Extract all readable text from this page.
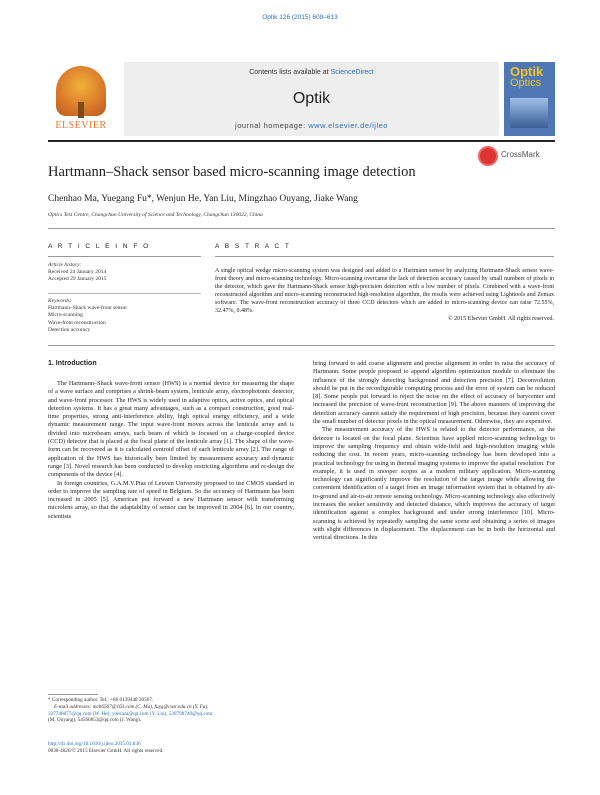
Optik 126 (2015) 609–613
ELSEVIER
Contents lists available at ScienceDirect
Optik
journal homepage: www.elsevier.de/ijleo
Optik
Optics
Hartmann–Shack sensor based micro-scanning image detection
CrossMark
Chenhao Ma, Yuegang Fu*, Wenjun He, Yan Liu, Mingzhao Ouyang, Jiake Wang
Optics Test Centre, Changchun University of Science and Technology, Changchun 130022, China
A R T I C L E I N F O
Article history:
Received 24 January 2014
Accepted 29 January 2015
Keywords:
Hartmann–Shack wave-front sensor
Micro-scanning
Wave-front reconstruction
Detection accuracy
A B S T R A C T
A single optical wedge micro-scanning system was designed and added to a Hartmann sensor by analyzing Hartmann-Shack sensor wave-front theory and micro-scanning technology. Micro-scanning overcame the lack of detection accuracy caused by small numbers of pixels in the detector, which gave the Hartmann-Shack sensor high-precision detection with a low number of pixels. Combined with a wave-front reconstructed algorithm and micro-scanning reconstructed high-resolution algorithm, the results were achieved using Lighttools and Zemax software. The wave-front reconstruction accuracy of three CCD detectors which are added to micro-scanning device can raise 72.55%, 32.47%, 0.48%.
© 2015 Elsevier GmbH. All rights reserved.
1. Introduction

The Hartmann–Shack wave-front sensor (HWS) is a normal device for measuring the shape of a wave surface and comprises a shrink-beam system, lenticule array, electrophotonic detector, and wave-front processor. The HWS is widely used in adaptive optics, active optics, and optical detection systems. It has a great many advantages, such as a compact construction, good real-time properties, strong anti-interference ability, high optical energy efficiency, and a wide dynamic measurement range. The input wave-front moves across the lenticule array and is divided into microbeam arrays, each beam of which is focused on a charge-coupled device (CCD) detector that is placed at the focal plane of the lenticule array [1]. The shape of the wave-form can be recovered as it is calculated centroid offset of each lenticule array [2]. The range of application of the HWS has historically been limited by measurement accuracy and dynamic range [3]. Novel research has been conducted to develop restricting algorithms and re-design the components of the device [4].

In foreign countries, G.A.M.V.Ptas of Leuven University proposed to use CMOS standard in order to improve the sampling rate of speed in Belgium. So the accuracy of Hartmann has been increased in 2005 [5]. American put forward a new Hartmann sensor with transforming microlens array, so that the adaptability of sensor can be improved in 2004 [6]. In our country, scientists

bring forward to add coarse alignment and precise alignment in order to raise the accuracy of Hartmann. Some people proposed to append algorithm optimization module to eliminate the influence of the strongly detecting background and detection precision [7]. Deconvolution should be put in the reconfigurable computing process and the error of system can be reduced [8]. Some people put forward to reject the noise on the effect of accuracy of barycenter and increased the precision of wave-front reconstruction [9]. The above manners of improving the detection accuracy cannot satisfy the requirement of high precision, because they cannot cover the small number of detector pixels in the optical measurement. Otherwise, they are expensive.

The measurement accuracy of the HWS is related to the detector performance, as the detector is located on the focal plane. Scientists have applied micro-scanning technology to improve the sampling frequency and obtain wide-field and high-resolution imaging while reducing the cost. In recent years, micro-scanning technology has been developed into a practical technology for using in thermal imaging systems to improve the spatial resolution. For example, it is used in snooper scopes as a modern military application. Micro-scanning technology can significantly improve the resolution of the target image while allowing the convenient identification of a target from an image information system that is obtained by air-to-ground and air-to-air remote sensing technology. Micro-scanning technology also effectively increases the seeker sensitivity and detected distance, which improves the accuracy of target identification against a complex background and under strong interference [10]. Micro-scanning is achieved by repeatedly sampling the same scene and obtaining a series of images with slight differences in displacement. The displacement can be in both the horizontal and vertical directions. In this

* Corresponding author. Tel.: +86 0139448 30567.
E-mail addresses: mch6567@163.com (C. Ma), fuyg@cust.edu.cn (Y. Fu),
327748077@qq.com (W. He), yoesaza@qq.com (Y. Liu), 538798740@qq.com
(M. Ouyang), 54560853@qq.com (J. Wang).
http://dx.doi.org/10.1016/j.ijleo.2015.01.036
0030-4026/© 2015 Elsevier GmbH. All rights reserved.
